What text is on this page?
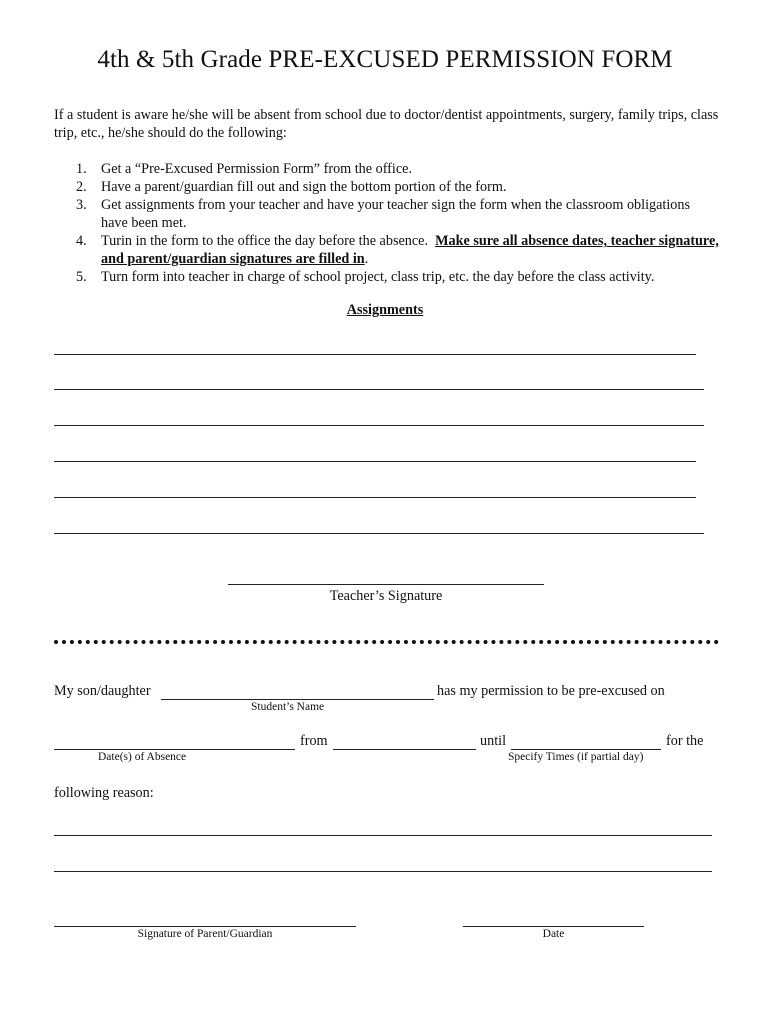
4th & 5th Grade PRE-EXCUSED PERMISSION FORM
If a student is aware he/she will be absent from school due to doctor/dentist appointments, surgery, family trips, class trip, etc., he/she should do the following:
1. Get a “Pre-Excused Permission Form” from the office.
2. Have a parent/guardian fill out and sign the bottom portion of the form.
3. Get assignments from your teacher and have your teacher sign the form when the classroom obligations have been met.
4. Turin in the form to the office the day before the absence.  Make sure all absence dates, teacher signature, and parent/guardian signatures are filled in.
5. Turn form into teacher in charge of school project, class trip, etc. the day before the class activity.
Assignments
Teacher’s Signature
My son/daughter	has my permission to be pre-excused on
Student’s Name
from	until	for the
Date(s) of Absence	Specify Times (if partial day)
following reason:
Signature of Parent/Guardian	Date
